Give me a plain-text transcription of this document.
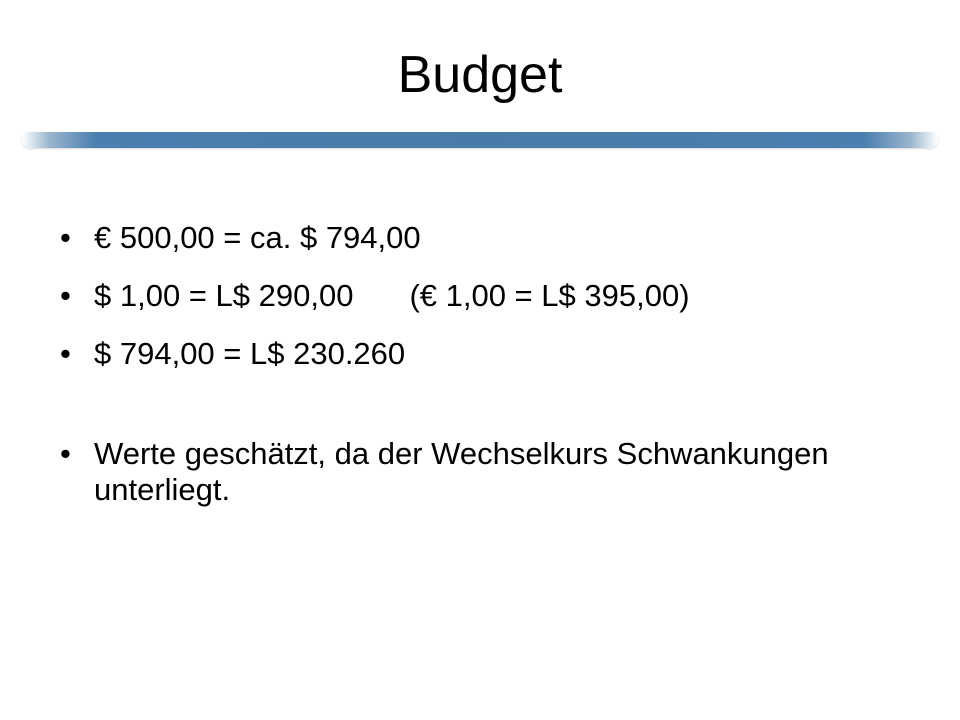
Budget
• € 500,00 = ca. $ 794,00
• $ 1,00 = L$ 290,00 (€ 1,00 = L$ 395,00)
• $ 794,00 = L$ 230.260
• Werte geschätzt, da der Wechselkurs Schwankungen unterliegt.
